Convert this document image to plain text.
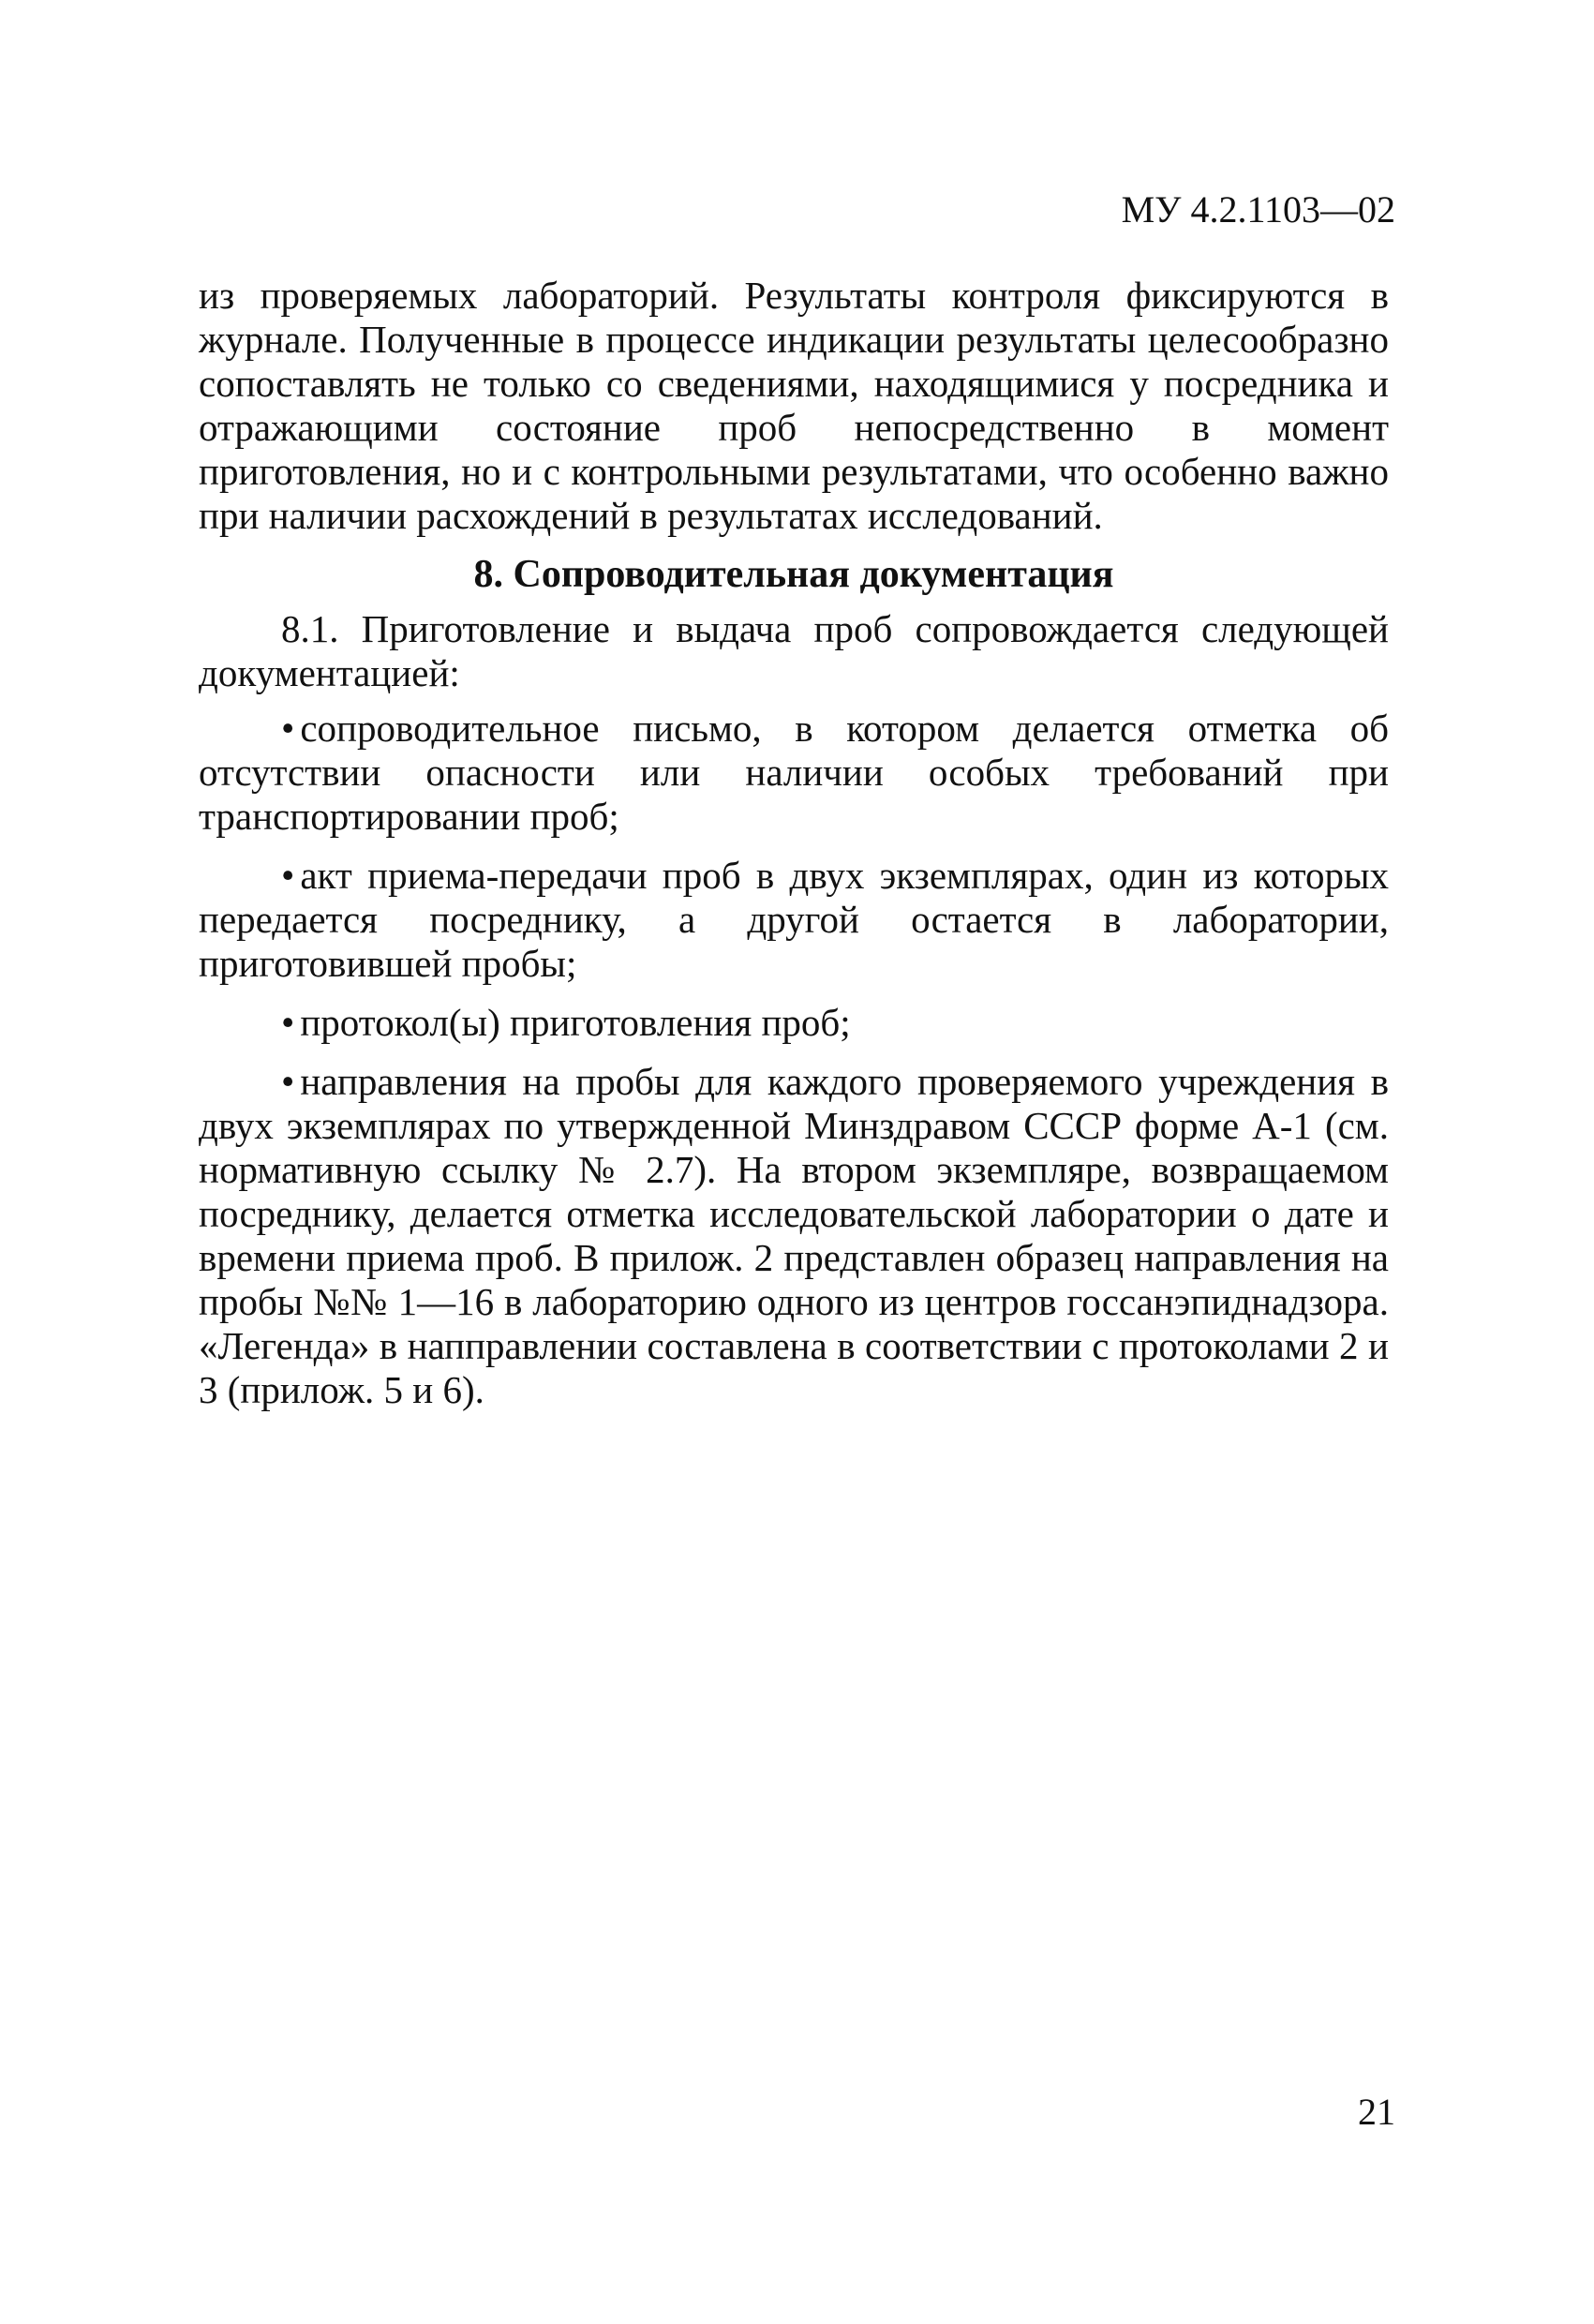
МУ 4.2.1103—02

из проверяемых лабораторий. Результаты контроля фиксируются в журнале. Полученные в процессе индикации результаты целесообразно сопоставлять не только со сведениями, находящимися у посредника и отражающими состояние проб непосредственно в момент приготовления, но и с контрольными результатами, что особенно важно при наличии расхождений в результатах исследований.

8. Сопроводительная документация

8.1. Приготовление и выдача проб сопровождается следующей документацией:

• сопроводительное письмо, в котором делается отметка об отсутствии опасности или наличии особых требований при транспортировании проб;
• акт приема-передачи проб в двух экземплярах, один из которых передается посреднику, а другой остается в лаборатории, приготовившей пробы;
• протокол(ы) приготовления проб;
• направления на пробы для каждого проверяемого учреждения в двух экземплярах по утвержденной Минздравом СССР форме А-1 (см. нормативную ссылку № 2.7). На втором экземпляре, возвращаемом посреднику, делается отметка исследовательской лаборатории о дате и времени приема проб. В прилож. 2 представлен образец направления на пробы №№ 1—16 в лабораторию одного из центров госсанэпиднадзора. «Легенда» в напправлении составлена в соответствии с протоколами 2 и 3 (прилож. 5 и 6).
21
